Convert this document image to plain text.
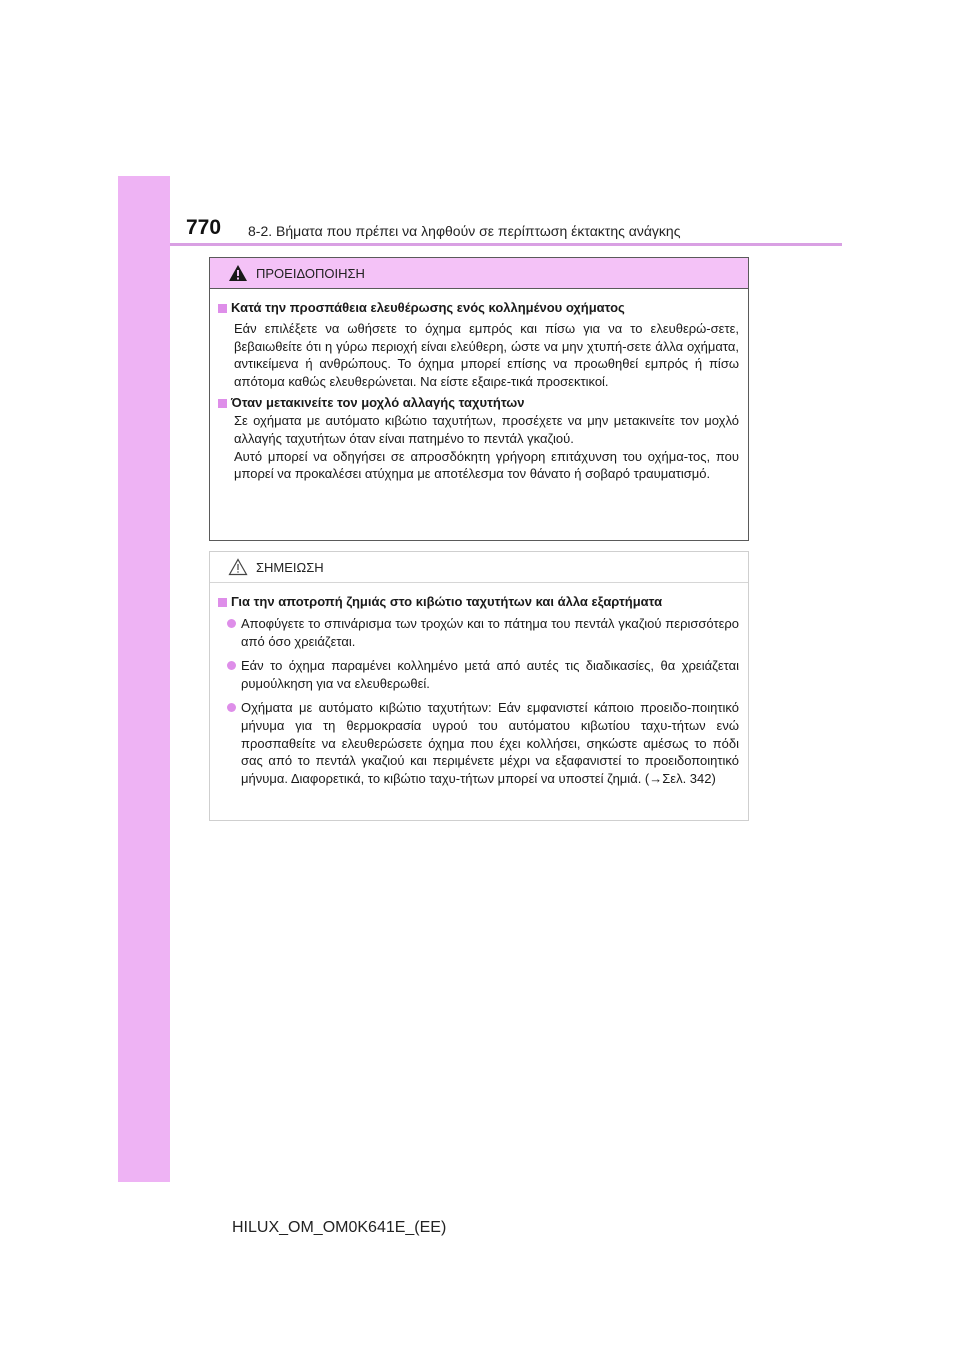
770 8-2. Βήματα που πρέπει να ληφθούν σε περίπτωση έκτακτης ανάγκης
ΠΡΟΕΙΔΟΠΟΙΗΣΗ
Κατά την προσπάθεια ελευθέρωσης ενός κολλημένου οχήματος
Εάν επιλέξετε να ωθήσετε το όχημα εμπρός και πίσω για να το ελευθερώ-σετε, βεβαιωθείτε ότι η γύρω περιοχή είναι ελεύθερη, ώστε να μην χτυπή-σετε άλλα οχήματα, αντικείμενα ή ανθρώπους. Το όχημα μπορεί επίσης να προωθηθεί εμπρός ή πίσω απότομα καθώς ελευθερώνεται. Να είστε εξαιρε-τικά προσεκτικοί.
Όταν μετακινείτε τον μοχλό αλλαγής ταχυτήτων
Σε οχήματα με αυτόματο κιβώτιο ταχυτήτων, προσέχετε να μην μετακινείτε τον μοχλό αλλαγής ταχυτήτων όταν είναι πατημένο το πεντάλ γκαζιού.
Αυτό μπορεί να οδηγήσει σε απροσδόκητη γρήγορη επιτάχυνση του οχήμα-τος, που μπορεί να προκαλέσει ατύχημα με αποτέλεσμα τον θάνατο ή σοβαρό τραυματισμό.
ΣΗΜΕΙΩΣΗ
Για την αποτροπή ζημιάς στο κιβώτιο ταχυτήτων και άλλα εξαρτήματα
Αποφύγετε το σπινάρισμα των τροχών και το πάτημα του πεντάλ γκαζιού περισσότερο από όσο χρειάζεται.
Εάν το όχημα παραμένει κολλημένο μετά από αυτές τις διαδικασίες, θα χρειάζεται ρυμούλκηση για να ελευθερωθεί.
Οχήματα με αυτόματο κιβώτιο ταχυτήτων: Εάν εμφανιστεί κάποιο προειδο-ποιητικό μήνυμα για τη θερμοκρασία υγρού του αυτόματου κιβωτίου ταχυ-τήτων ενώ προσπαθείτε να ελευθερώσετε όχημα που έχει κολλήσει, σηκώστε αμέσως το πόδι σας από το πεντάλ γκαζιού και περιμένετε μέχρι να εξαφανιστεί το προειδοποιητικό μήνυμα. Διαφορετικά, το κιβώτιο ταχυ-τήτων μπορεί να υποστεί ζημιά. (→Σελ. 342)
HILUX_OM_OM0K641E_(EE)
